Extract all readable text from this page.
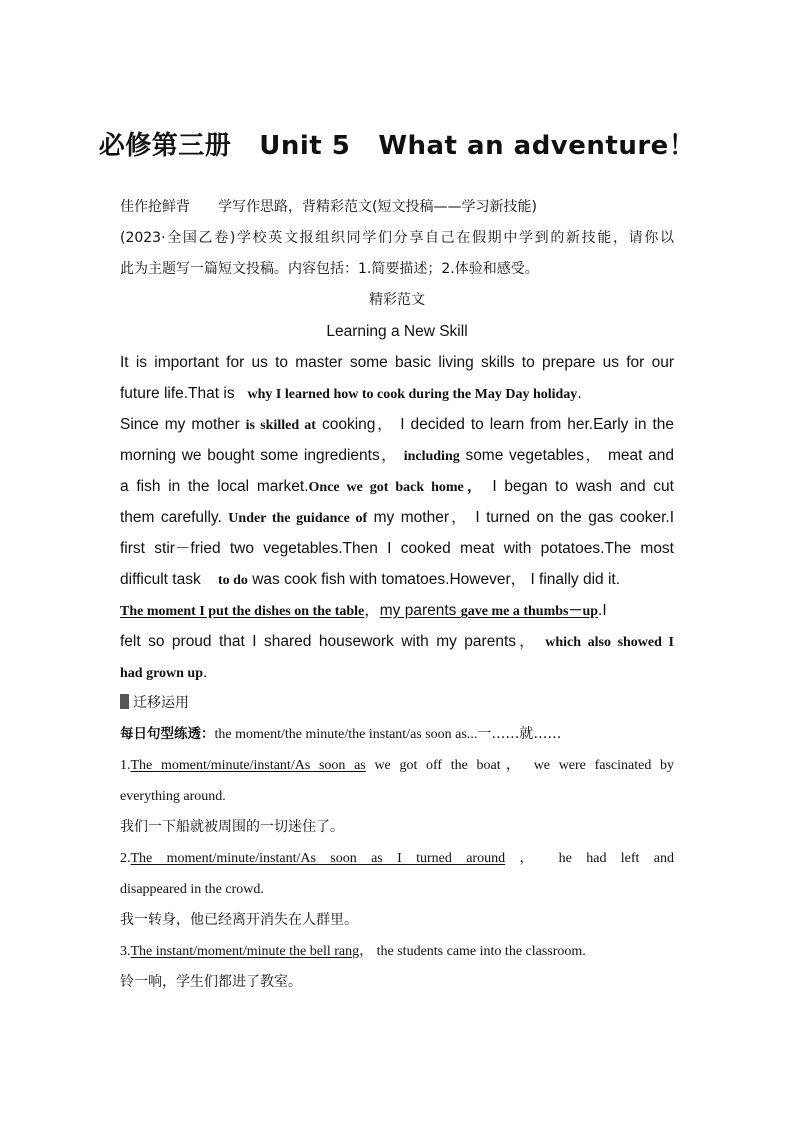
必修第三册 Unit 5 What an adventure！
佳作抢鲜背 学写作思路，背精彩范文(短文投稿——学习新技能)
(2023·全国乙卷)学校英文报组织同学们分享自己在假期中学到的新技能，请你以
此为主题写一篇短文投稿。内容包括：1.简要描述；2.体验和感受。
精彩范文
Learning a New Skill
It is important for us to master some basic living skills to prepare us for our
future life.That is why I learned how to cook during the May Day holiday.
Since my mother is skilled at cooking， I decided to learn from her.Early in the
morning we bought some ingredients， including some vegetables， meat and
a fish in the local market.Once we got back home， I began to wash and cut
them carefully. Under the guidance of my mother， I turned on the gas cooker.I
first stir－fried two vegetables.Then I cooked meat with potatoes.The most
difficult task to do was cook fish with tomatoes.However， I finally did it.
The moment I put the dishes on the table，my parents gave me a thumbs－up.I
felt so proud that I shared housework with my parents， which also showed I
had grown up.
迁移运用
每日句型练透：the moment/the minute/the instant/as soon as...一……就……
1.The moment/minute/instant/As soon as we got off the boat， we were fascinated by
everything around.
我们一下船就被周围的一切迷住了。
2.The moment/minute/instant/As soon as I turned around ， he had left and
disappeared in the crowd.
我一转身，他已经离开消失在人群里。
3.The instant/moment/minute the bell rang， the students came into the classroom.
铃一响，学生们都进了教室。
